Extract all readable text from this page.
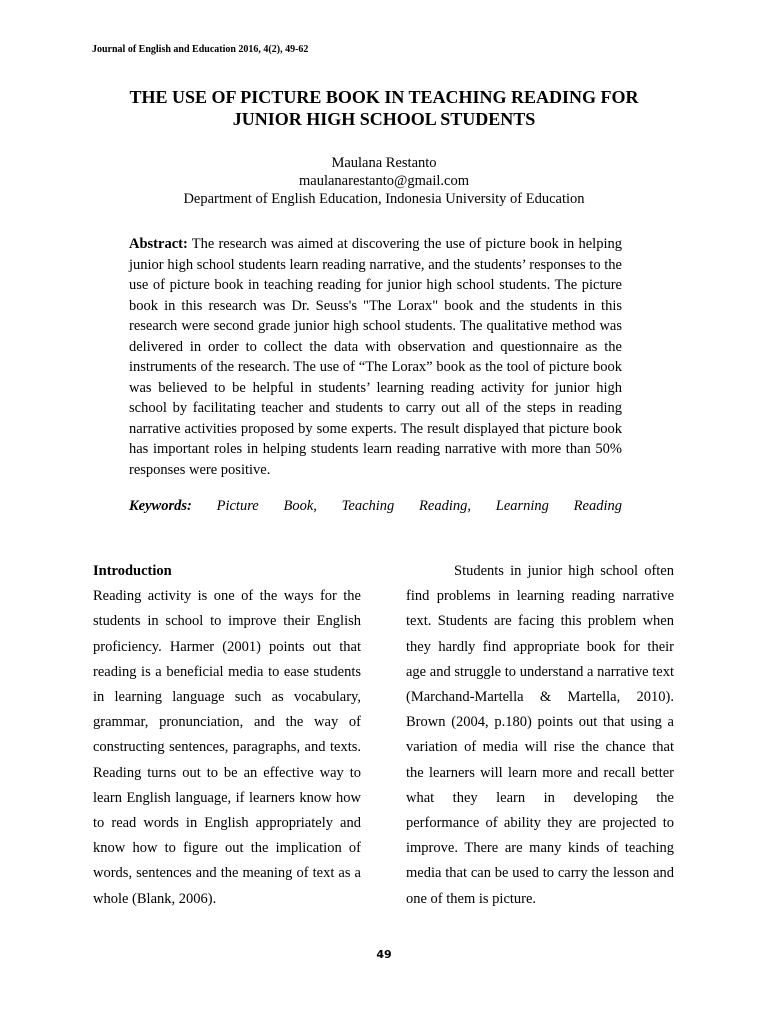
Journal of English and Education 2016, 4(2), 49-62
THE USE OF PICTURE BOOK IN TEACHING READING FOR
JUNIOR HIGH SCHOOL STUDENTS
Maulana Restanto
maulanarestanto@gmail.com
Department of English Education, Indonesia University of Education
Abstract: The research was aimed at discovering the use of picture book in helping junior high school students learn reading narrative, and the students’ responses to the use of picture book in teaching reading for junior high school students. The picture book in this research was Dr. Seuss's "The Lorax" book and the students in this research were second grade junior high school students. The qualitative method was delivered in order to collect the data with observation and questionnaire as the instruments of the research. The use of “The Lorax” book as the tool of picture book was believed to be helpful in students’ learning reading activity for junior high school by facilitating teacher and students to carry out all of the steps in reading narrative activities proposed by some experts. The result displayed that picture book has important roles in helping students learn reading narrative with more than 50% responses were positive.
Keywords: Picture Book, Teaching Reading, Learning Reading
Introduction
Reading activity is one of the ways for the students in school to improve their English proficiency. Harmer (2001) points out that reading is a beneficial media to ease students in learning language such as vocabulary, grammar, pronunciation, and the way of constructing sentences, paragraphs, and texts. Reading turns out to be an effective way to learn English language, if learners know how to read words in English appropriately and know how to figure out the implication of words, sentences and the meaning of text as a whole (Blank, 2006).
Students in junior high school often find problems in learning reading narrative text. Students are facing this problem when they hardly find appropriate book for their age and struggle to understand a narrative text (Marchand-Martella & Martella, 2010). Brown (2004, p.180) points out that using a variation of media will rise the chance that the learners will learn more and recall better what they learn in developing the performance of ability they are projected to improve. There are many kinds of teaching media that can be used to carry the lesson and one of them is picture.
49
